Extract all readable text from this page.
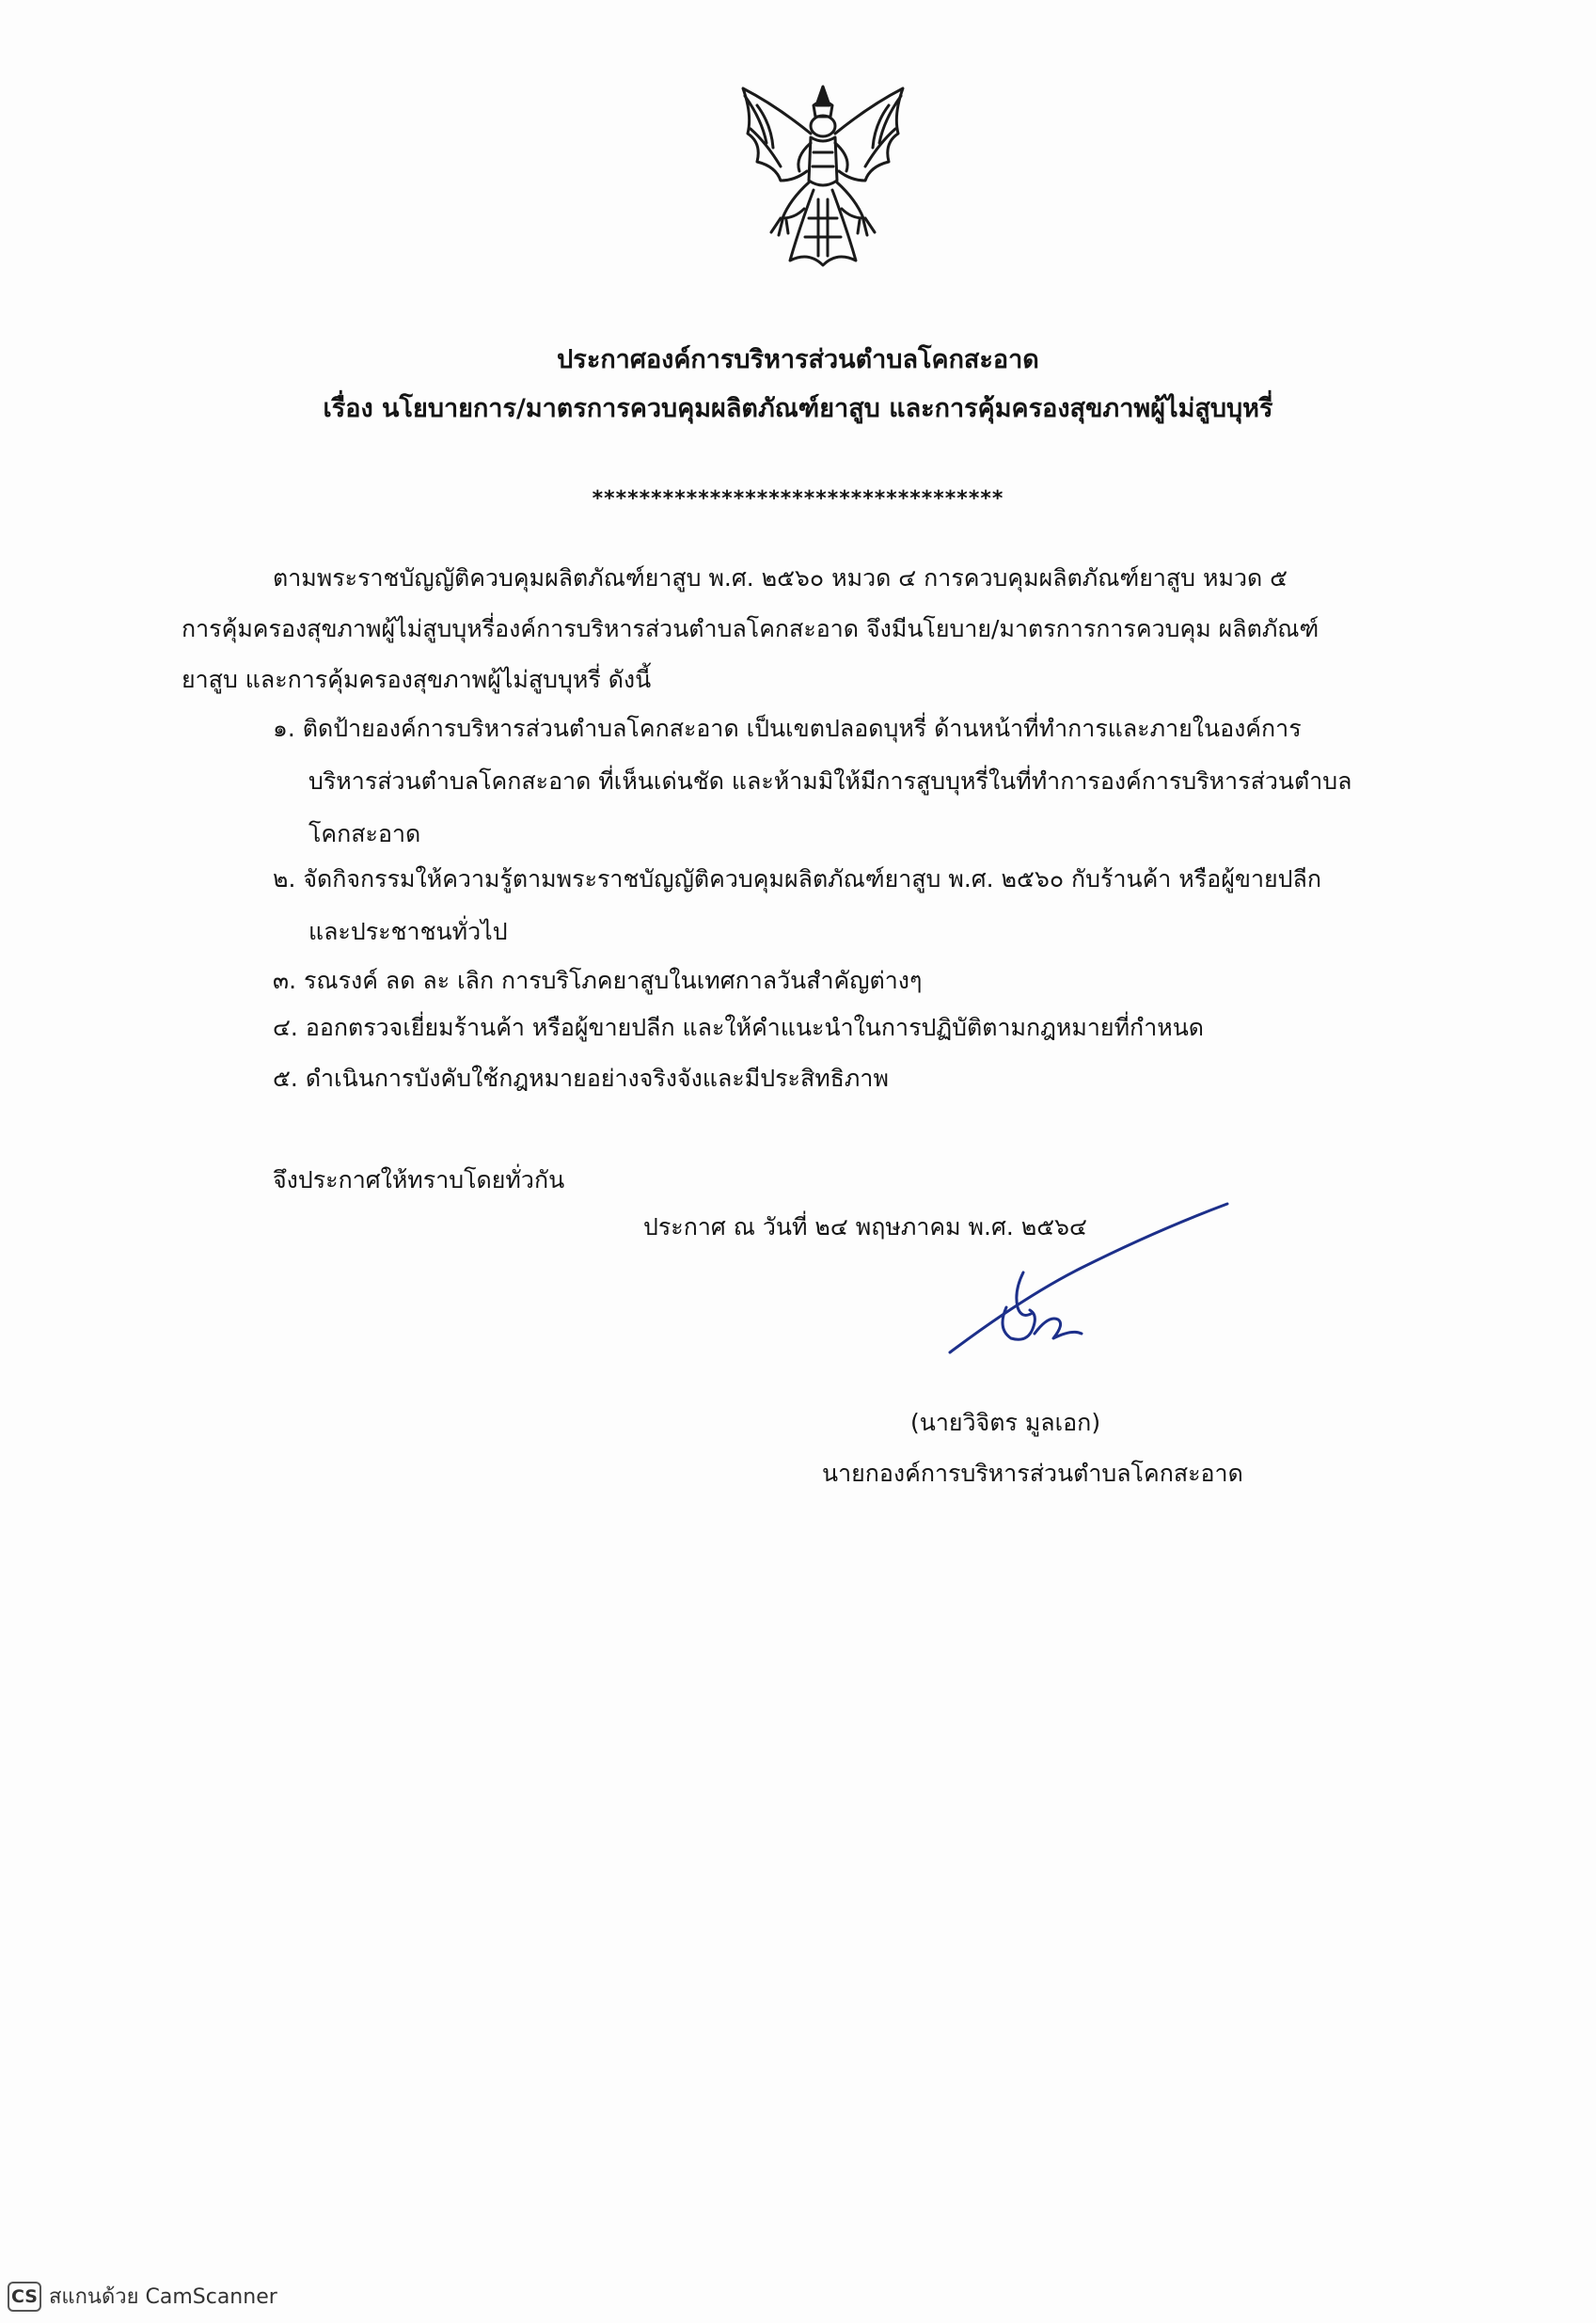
ประกาศองค์การบริหารส่วนตำบลโคกสะอาด
เรื่อง นโยบายการ/มาตรการควบคุมผลิตภัณฑ์ยาสูบ และการคุ้มครองสุขภาพผู้ไม่สูบบุหรี่
***********************************
ตามพระราชบัญญัติควบคุมผลิตภัณฑ์ยาสูบ พ.ศ. ๒๕๖๐ หมวด ๔ การควบคุมผลิตภัณฑ์ยาสูบ หมวด ๕
การคุ้มครองสุขภาพผู้ไม่สูบบุหรี่องค์การบริหารส่วนตำบลโคกสะอาด จึงมีนโยบาย/มาตรการการควบคุม ผลิตภัณฑ์
ยาสูบ และการคุ้มครองสุขภาพผู้ไม่สูบบุหรี่ ดังนี้
๑. ติดป้ายองค์การบริหารส่วนตำบลโคกสะอาด เป็นเขตปลอดบุหรี่ ด้านหน้าที่ทำการและภายในองค์การ
บริหารส่วนตำบลโคกสะอาด ที่เห็นเด่นชัด และห้ามมิให้มีการสูบบุหรี่ในที่ทำการองค์การบริหารส่วนตำบล
โคกสะอาด
๒. จัดกิจกรรมให้ความรู้ตามพระราชบัญญัติควบคุมผลิตภัณฑ์ยาสูบ พ.ศ. ๒๕๖๐ กับร้านค้า หรือผู้ขายปลีก
และประชาชนทั่วไป
๓. รณรงค์ ลด ละ เลิก การบริโภคยาสูบในเทศกาลวันสำคัญต่างๆ
๔. ออกตรวจเยี่ยมร้านค้า หรือผู้ขายปลีก และให้คำแนะนำในการปฏิบัติตามกฎหมายที่กำหนด
๕. ดำเนินการบังคับใช้กฎหมายอย่างจริงจังและมีประสิทธิภาพ
จึงประกาศให้ทราบโดยทั่วกัน
ประกาศ ณ วันที่ ๒๔ พฤษภาคม พ.ศ. ๒๕๖๔
(นายวิจิตร มูลเอก)
นายกองค์การบริหารส่วนตำบลโคกสะอาด
CS สแกนด้วย CamScanner
